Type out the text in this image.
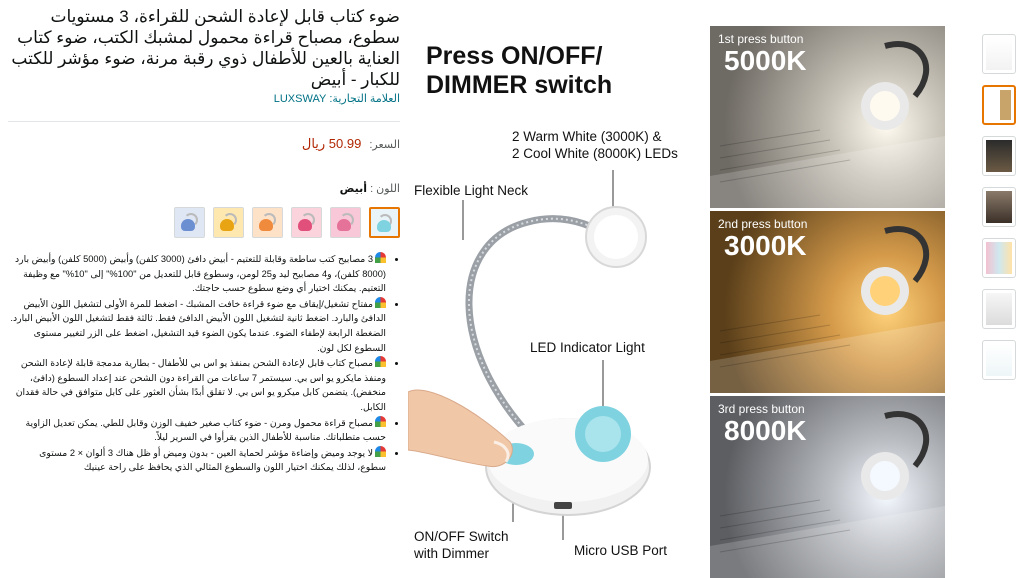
ضوء كتاب قابل لإعادة الشحن للقراءة، 3 مستويات سطوع، مصباح قراءة محمول لمشبك الكتب، ضوء كتاب العناية بالعين للأطفال ذوي رقبة مرنة، ضوء مؤشر للكتب للكبار - أبيض
العلامة التجارية: LUXSWAY
السعر:
50.99 ريال
اللون : أبيض
• 3 مصابيح كتب ساطعة وقابلة للتعتيم - أبيض دافئ (3000 كلفن) وأبيض (5000 كلفن) وأبيض بارد (8000 كلفن)، و4 مصابيح ليد و25 لومن، وسطوع قابل للتعديل من "100%" إلى "10%" مع وظيفة التعتيم. يمكنك اختيار أي وضع سطوع حسب حاجتك.
• مفتاح تشغيل/إيقاف مع ضوء قراءة خافت المشبك - اضغط للمرة الأولى لتشغيل اللون الأبيض الدافئ والبارد. اضغط ثانية لتشغيل اللون الأبيض الدافئ فقط. ثالثة فقط لتشغيل اللون الأبيض البارد. الضغطة الرابعة لإطفاء الضوء. عندما يكون الضوء قيد التشغيل، اضغط على الزر لتغيير مستوى السطوع لكل لون.
• مصباح كتاب قابل لإعادة الشحن بمنفذ يو اس بي للأطفال - بطارية مدمجة قابلة لإعادة الشحن ومنفذ مايكرو يو اس بي. سيستمر 7 ساعات من القراءة دون الشحن عند إعداد السطوع (دافئ، منخفض). يتضمن كابل ميكرو يو اس بي. لا تقلق أبدًا بشأن العثور على كابل متوافق في حالة فقدان الكابل.
• مصباح قراءة محمول ومرن - ضوء كتاب صغير خفيف الوزن وقابل للطي. يمكن تعديل الزاوية حسب متطلباتك. مناسبة للأطفال الذين يقرأوا في السرير ليلاً.
• لا يوجد وميض وإضاءة مؤشر لحماية العين - بدون وميض أو ظل هناك 3 ألوان × 2 مستوى سطوع، لذلك يمكنك اختيار اللون والسطوع المثالي الذي يحافظ على راحة عينيك
Press ON/OFF/
DIMMER switch
2 Warm White (3000K) &
2 Cool White (8000K) LEDs
Flexible Light Neck
LED Indicator Light
ON/OFF Switch
with Dimmer	Micro USB Port
1st press button
5000K
2nd press button
3000K
3rd press button
8000K
